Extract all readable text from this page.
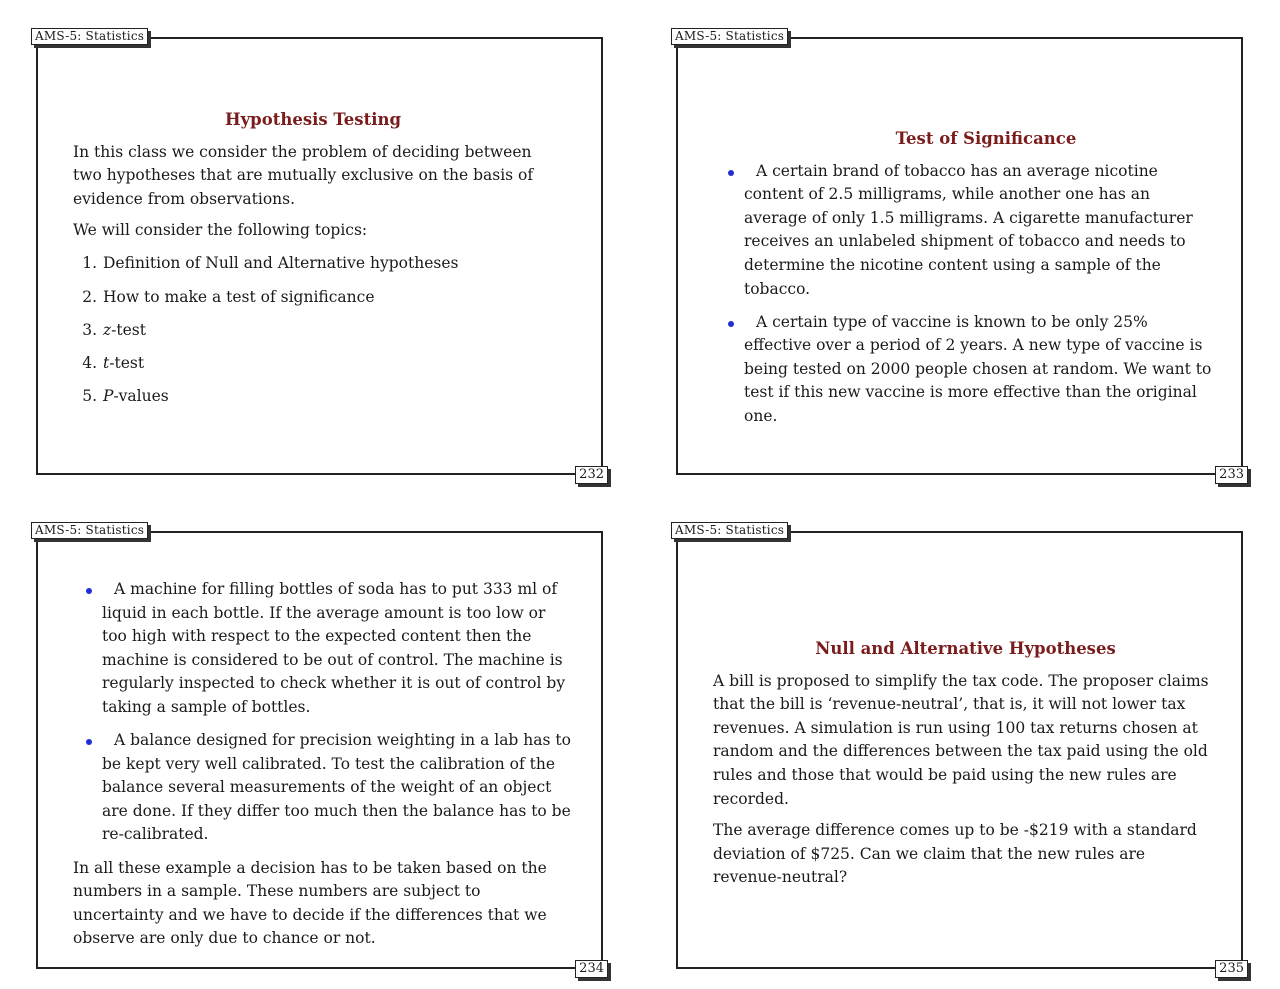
AMS-5: Statistics
Hypothesis Testing

In this class we consider the problem of deciding between two hypotheses that are mutually exclusive on the basis of evidence from observations.

We will consider the following topics:

1. Definition of Null and Alternative hypotheses
2. How to make a test of significance
3. z-test
4. t-test
5. P-values
232
AMS-5: Statistics
Test of Significance
A certain brand of tobacco has an average nicotine content of 2.5 milligrams, while another one has an average of only 1.5 milligrams. A cigarette manufacturer receives an unlabeled shipment of tobacco and needs to determine the nicotine content using a sample of the tobacco.
A certain type of vaccine is known to be only 25% effective over a period of 2 years. A new type of vaccine is being tested on 2000 people chosen at random. We want to test if this new vaccine is more effective than the original one.
233
AMS-5: Statistics
A machine for filling bottles of soda has to put 333 ml of liquid in each bottle. If the average amount is too low or too high with respect to the expected content then the machine is considered to be out of control. The machine is regularly inspected to check whether it is out of control by taking a sample of bottles.
A balance designed for precision weighting in a lab has to be kept very well calibrated. To test the calibration of the balance several measurements of the weight of an object are done. If they differ too much then the balance has to be re-calibrated.

In all these example a decision has to be taken based on the numbers in a sample. These numbers are subject to uncertainty and we have to decide if the differences that we observe are only due to chance or not.

234
AMS-5: Statistics
Null and Alternative Hypotheses

A bill is proposed to simplify the tax code. The proposer claims that the bill is ‘revenue-neutral’, that is, it will not lower tax revenues. A simulation is run using 100 tax returns chosen at random and the differences between the tax paid using the old rules and those that would be paid using the new rules are recorded.

The average difference comes up to be -$219 with a standard deviation of $725. Can we claim that the new rules are revenue-neutral?

235
